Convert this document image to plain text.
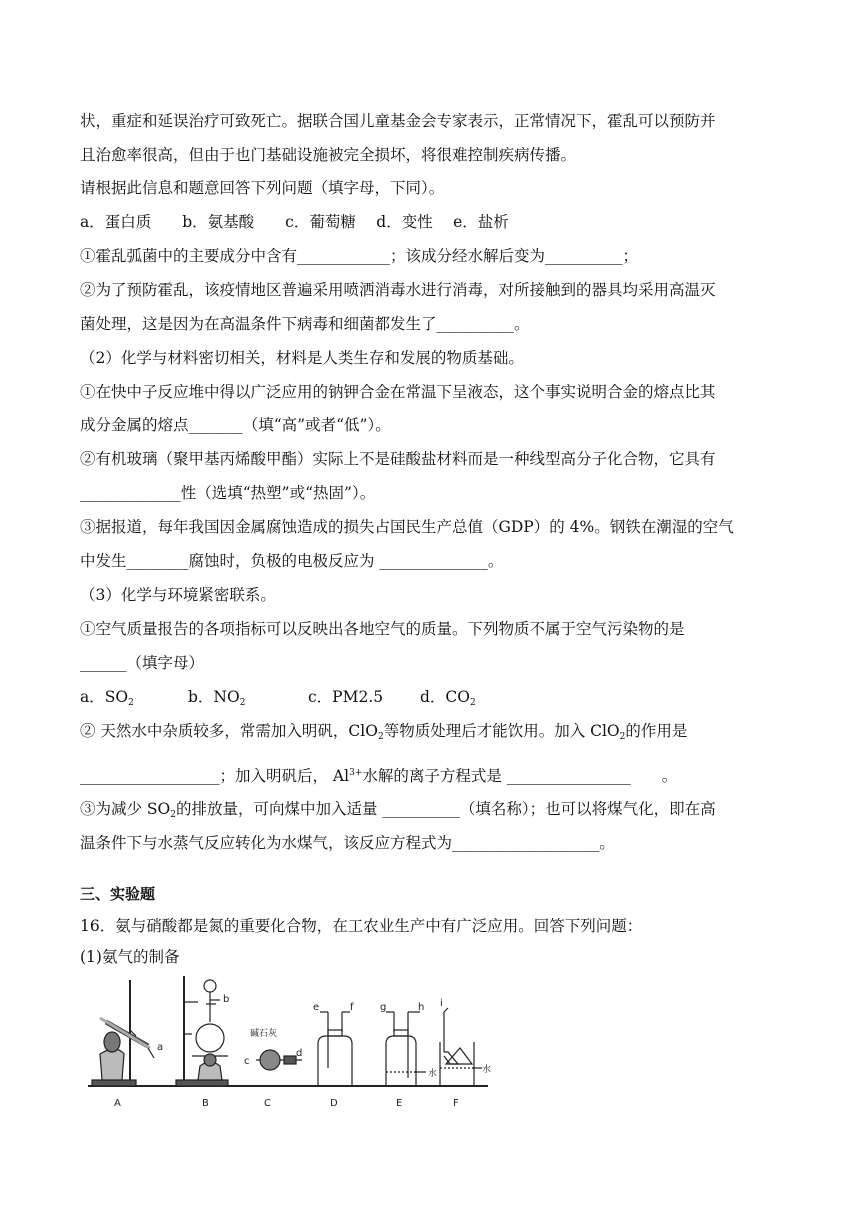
状，重症和延误治疗可致死亡。据联合国儿童基金会专家表示，正常情况下，霍乱可以预防并
且治愈率很高，但由于也门基础设施被完全损坏，将很难控制疾病传播。
请根据此信息和题意回答下列问题（填字母，下同）。
a．蛋白质　　b．氨基酸　　c．葡萄糖　 d．变性　 e．盐析
①霍乱弧菌中的主要成分中含有____________；该成分经水解后变为__________；
②为了预防霍乱，该疫情地区普遍采用喷洒消毒水进行消毒，对所接触到的器具均采用高温灭
菌处理，这是因为在高温条件下病毒和细菌都发生了__________。
（2）化学与材料密切相关，材料是人类生存和发展的物质基础。
①在快中子反应堆中得以广泛应用的钠钾合金在常温下呈液态，这个事实说明合金的熔点比其
成分金属的熔点_______（填“高”或者“低”）。
②有机玻璃（聚甲基丙烯酸甲酯）实际上不是硅酸盐材料而是一种线型高分子化合物，它具有
_____________性（选填“热塑”或“热固”）。
③据报道，每年我国因金属腐蚀造成的损失占国民生产总值（GDP）的 4%。钢铁在潮湿的空气
中发生________腐蚀时，负极的电极反应为 ______________。
（3）化学与环境紧密联系。
①空气质量报告的各项指标可以反映出各地空气的质量。下列物质不属于空气污染物的是
______（填字母）
a．$SO_2$	b．$NO_2$	c．PM2.5 d．$CO_2$
② 天然水中杂质较多，常需加入明矾，ClO$_2$等物质处理后才能饮用。加入 ClO$_2$的作用是
__________________；加入明矾后， $Al^{3+}$水解的离子方程式是 ________________　　。
③为减少 $SO_2$的排放量，可向煤中加入适量 __________（填名称）；也可以将煤气化，即在高
温条件下与水蒸气反应转化为水煤气，该反应方程式为___________________。
三、实验题
16．氨与硝酸都是氮的重要化合物，在工农业生产中有广泛应用。回答下列问题：
(1)氨气的制备
a
A
b
B
碱石灰
c
d
C
e	f
D
g	h
水
E
i
水
F
